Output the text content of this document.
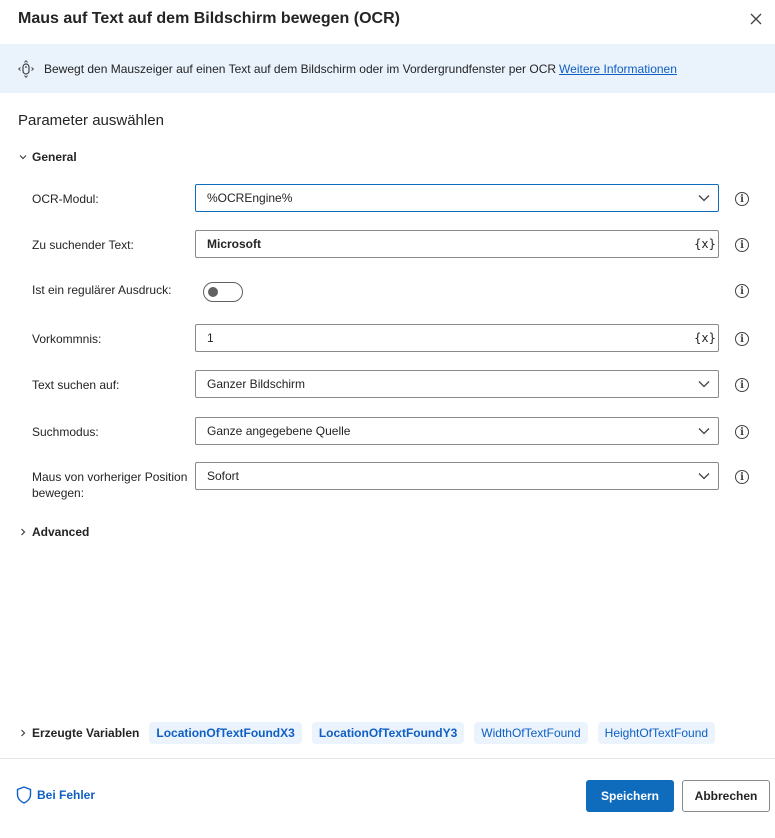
Maus auf Text auf dem Bildschirm bewegen (OCR)
Bewegt den Mauszeiger auf einen Text auf dem Bildschirm oder im Vordergrundfenster per OCR Weitere Informationen
Parameter auswählen
General
OCR-Modul:	%OCREngine%	i
Zu suchender Text:	Microsoft	{x}	i
Ist ein regulärer Ausdruck:	i
Vorkommnis:	1	{x}	i
Text suchen auf:	Ganzer Bildschirm	i
Suchmodus:	Ganze angegebene Quelle	i
Maus von vorheriger Position bewegen:
Sofort	i
Advanced
Erzeugte Variablen	LocationOfTextFoundX3	LocationOfTextFoundY3	WidthOfTextFound	HeightOfTextFound
Bei Fehler	Speichern	Abbrechen
